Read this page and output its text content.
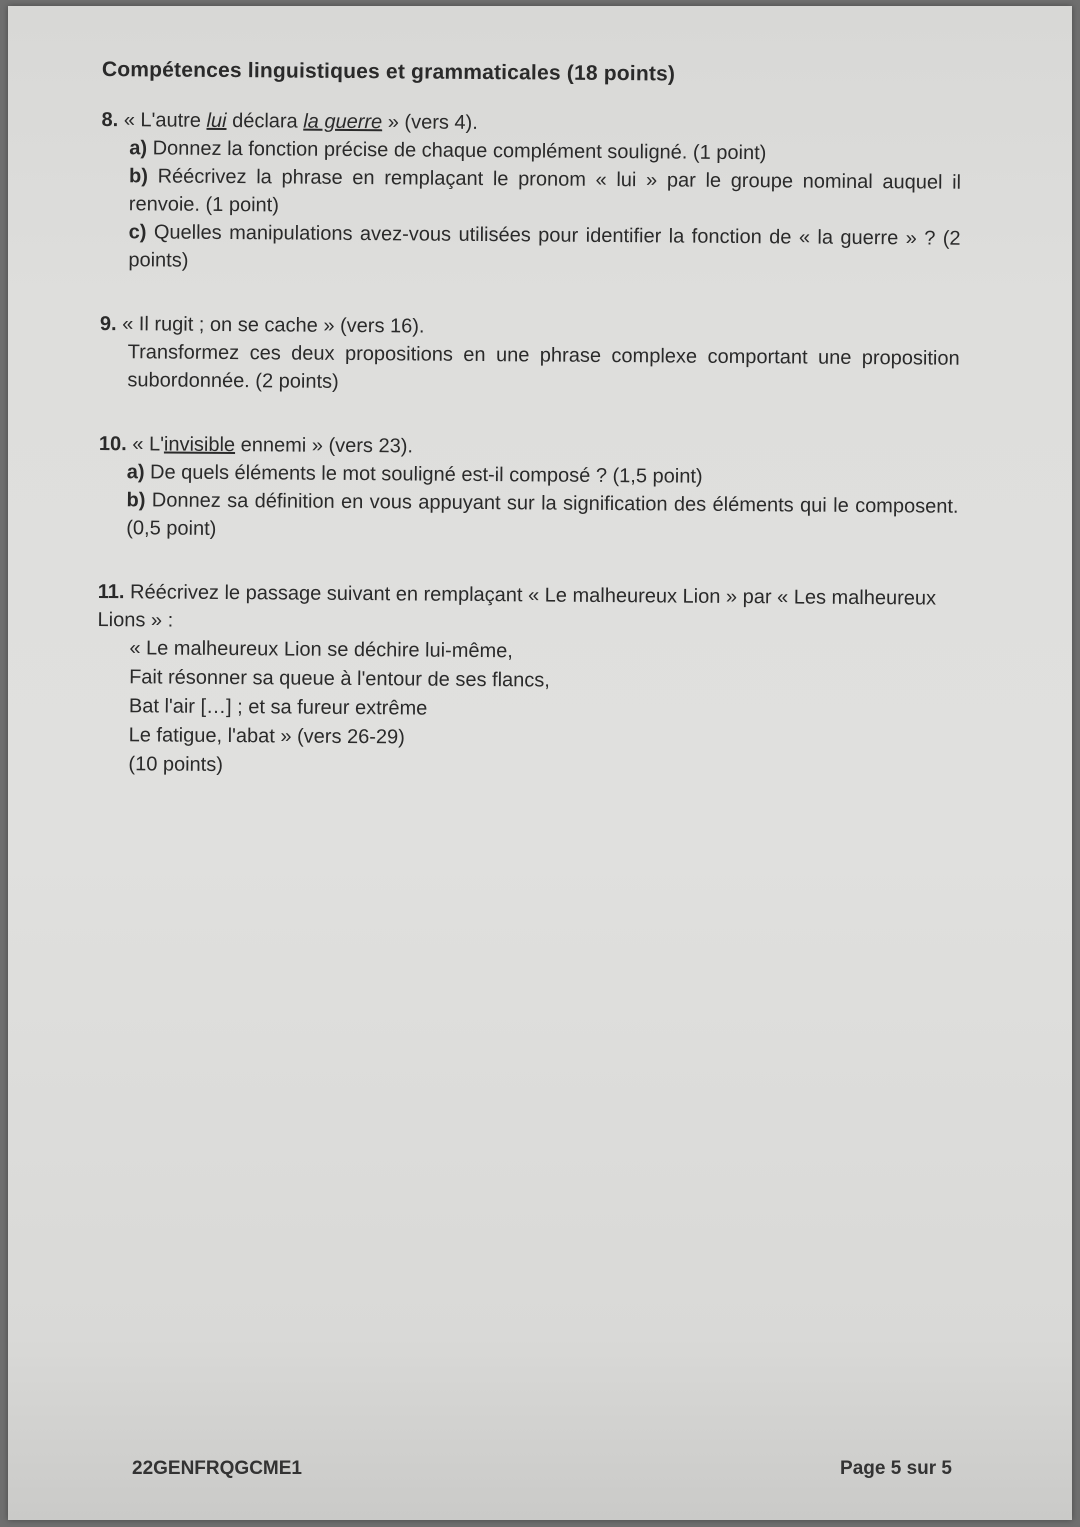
Compétences linguistiques et grammaticales (18 points)
8. « L'autre lui déclara la guerre » (vers 4).
a) Donnez la fonction précise de chaque complément souligné. (1 point)
b) Réécrivez la phrase en remplaçant le pronom « lui » par le groupe nominal auquel il renvoie. (1 point)
c) Quelles manipulations avez-vous utilisées pour identifier la fonction de « la guerre » ? (2 points)
9. « Il rugit ; on se cache » (vers 16).
Transformez ces deux propositions en une phrase complexe comportant une proposition subordonnée. (2 points)
10. « L'invisible ennemi » (vers 23).
a) De quels éléments le mot souligné est-il composé ? (1,5 point)
b) Donnez sa définition en vous appuyant sur la signification des éléments qui le composent. (0,5 point)
11. Réécrivez le passage suivant en remplaçant « Le malheureux Lion » par « Les malheureux Lions » :
« Le malheureux Lion se déchire lui-même,
Fait résonner sa queue à l'entour de ses flancs,
Bat l'air […] ; et sa fureur extrême
Le fatigue, l'abat » (vers 26-29)
(10 points)
22GENFRQGCME1	Page 5 sur 5
